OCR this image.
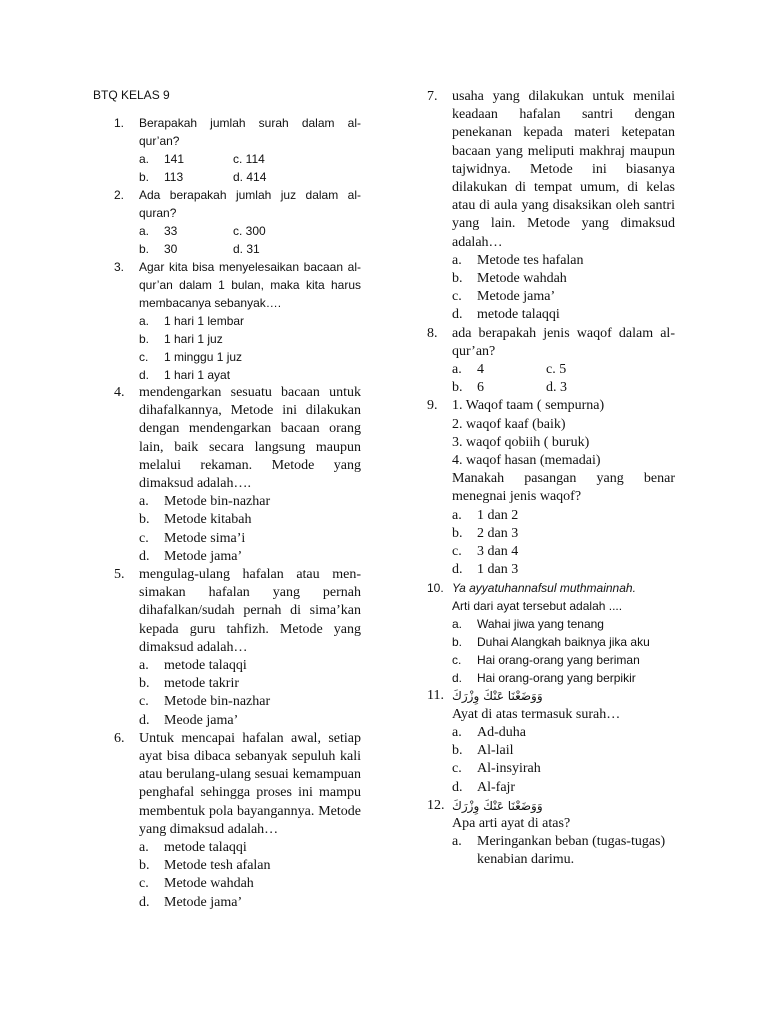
BTQ KELAS 9
1. Berapakah jumlah surah dalam al-qur’an?
a. 141	c. 114
b. 113	d. 414
2. Ada berapakah jumlah juz dalam al-quran?
a. 33	c. 300
b. 30	d. 31
3. Agar kita bisa menyelesaikan bacaan al-qur’an dalam 1 bulan, maka kita harus membacanya sebanyak….
a. 1 hari 1 lembar
b. 1 hari 1 juz
c. 1 minggu 1 juz
d. 1 hari 1 ayat
4. mendengarkan sesuatu bacaan untuk dihafalkannya, Metode ini dilakukan dengan mendengarkan bacaan orang lain, baik secara langsung maupun melalui rekaman. Metode yang dimaksud adalah….
a. Metode bin-nazhar
b. Metode kitabah
c. Metode sima’i
d. Metode jama’
5. mengulag-ulang hafalan atau men-simakan hafalan yang pernah dihafalkan/sudah pernah di sima’kan kepada guru tahfizh. Metode yang dimaksud adalah…
a. metode talaqqi
b. metode takrir
c. Metode bin-nazhar
d. Meode jama’
6. Untuk mencapai hafalan awal, setiap ayat bisa dibaca sebanyak sepuluh kali atau berulang-ulang sesuai kemampuan penghafal sehingga proses ini mampu membentuk pola bayangannya. Metode yang dimaksud adalah…
a. metode talaqqi
b. Metode tesh afalan
c. Metode wahdah
d. Metode jama’
7. usaha yang dilakukan untuk menilai keadaan hafalan santri dengan penekanan kepada materi ketepatan bacaan yang meliputi makhraj maupun tajwidnya. Metode ini biasanya dilakukan di tempat umum, di kelas atau di aula yang disaksikan oleh santri yang lain. Metode yang dimaksud adalah…
a. Metode tes hafalan
b. Metode wahdah
c. Metode jama’
d. metode talaqqi
8. ada berapakah jenis waqof dalam al-qur’an?
a. 4	c. 5
b. 6	d. 3
9. 1. Waqof taam ( sempurna)
2. waqof kaaf (baik)
3. waqof qobiih ( buruk)
4. waqof hasan (memadai)
Manakah pasangan yang benar menegnai jenis waqof?
a. 1 dan 2
b. 2 dan 3
c. 3 dan 4
d. 1 dan 3
10. Ya ayyatuhannafsul muthmainnah.
Arti dari ayat tersebut adalah ....
a. Wahai jiwa yang tenang
b. Duhai Alangkah baiknya jika aku
c. Hai orang-orang yang beriman
d. Hai orang-orang yang berpikir
11. وَوَضَعْنَا عَنْكَ وِزْرَكَ
Ayat di atas termasuk surah…
a. Ad-duha
b. Al-lail
c. Al-insyirah
d. Al-fajr
12. وَوَضَعْنَا عَنْكَ وِزْرَكَ
Apa arti ayat di atas?
a. Meringankan beban (tugas-tugas) kenabian darimu.
